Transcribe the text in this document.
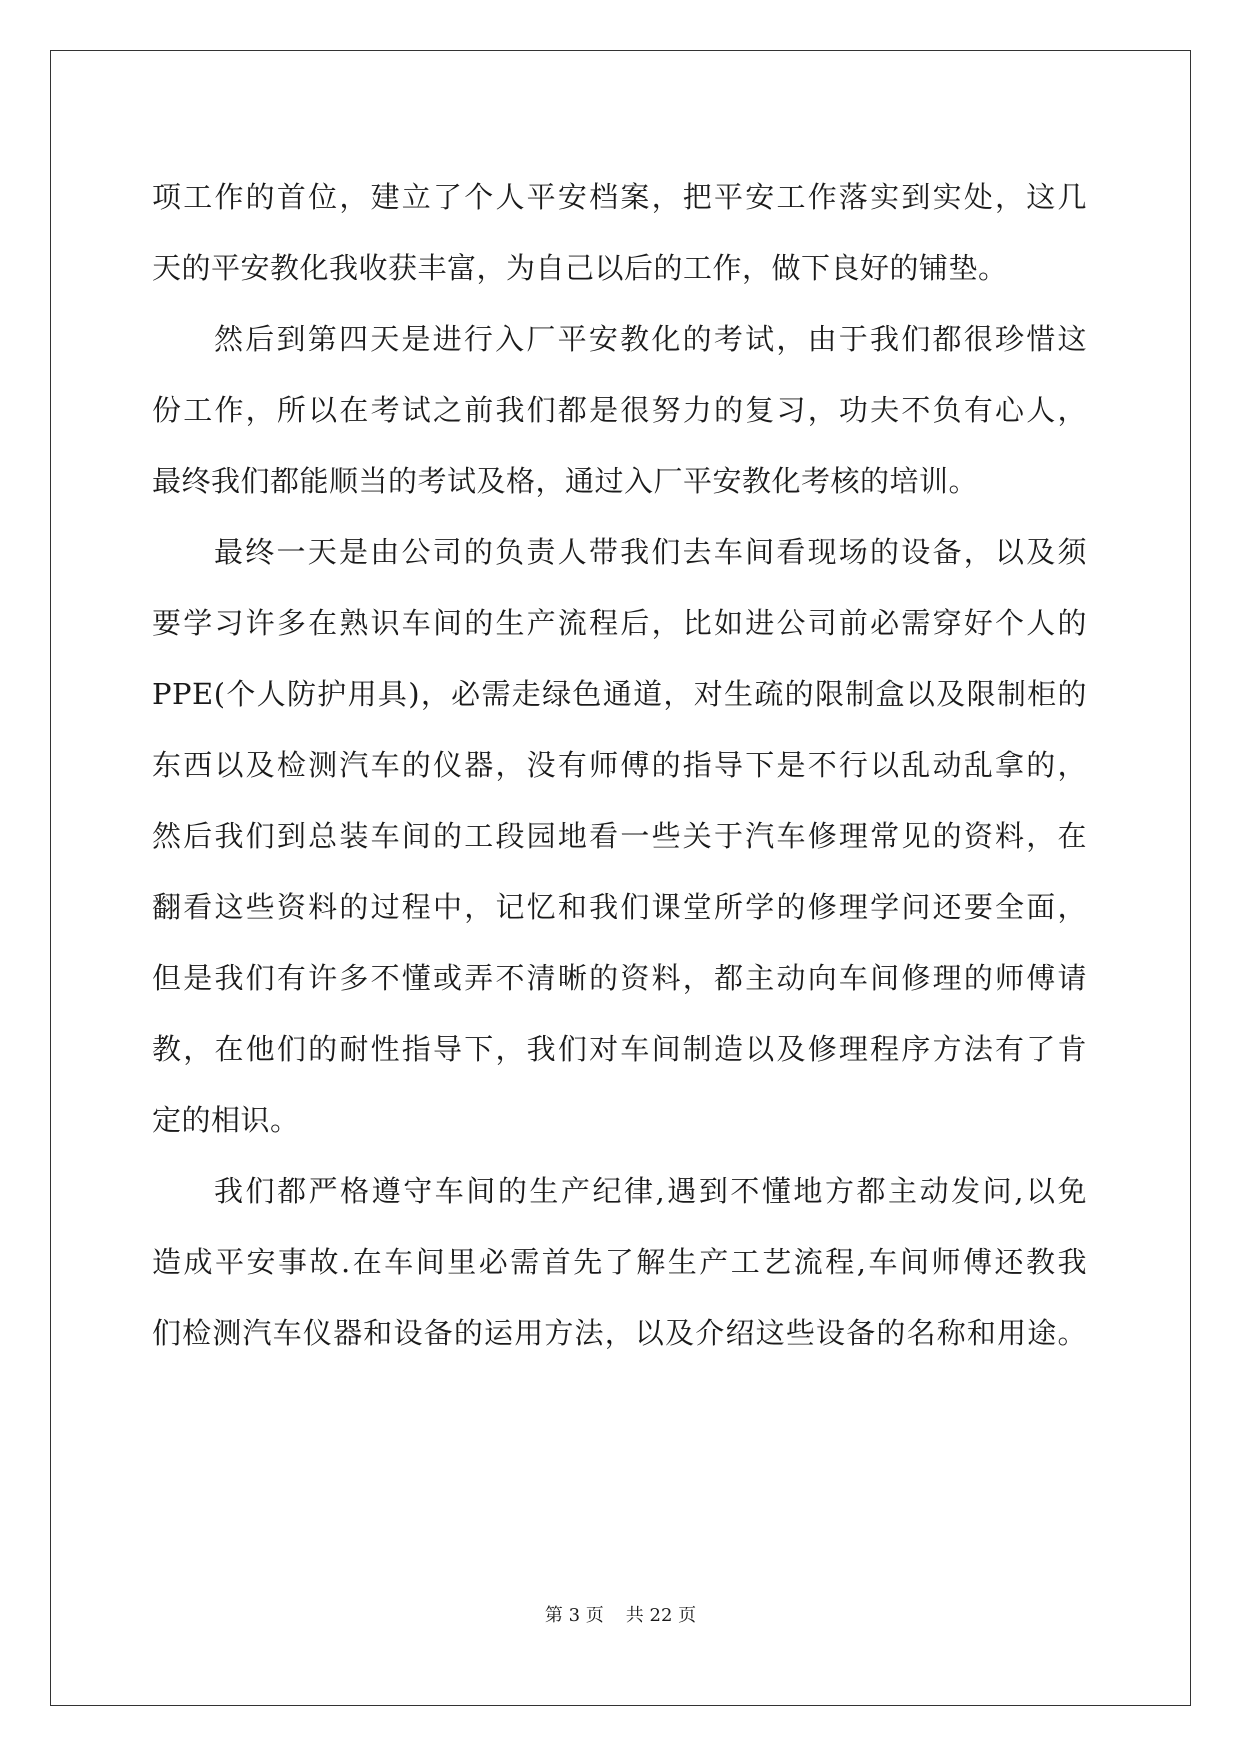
项工作的首位，建立了个人平安档案，把平安工作落实到实处，这几
天的平安教化我收获丰富，为自己以后的工作，做下良好的铺垫。
然后到第四天是进行入厂平安教化的考试，由于我们都很珍惜这
份工作，所以在考试之前我们都是很努力的复习，功夫不负有心人，
最终我们都能顺当的考试及格，通过入厂平安教化考核的培训。
最终一天是由公司的负责人带我们去车间看现场的设备，以及须
要学习许多在熟识车间的生产流程后，比如进公司前必需穿好个人的
PPE(个人防护用具)，必需走绿色通道，对生疏的限制盒以及限制柜的
东西以及检测汽车的仪器，没有师傅的指导下是不行以乱动乱拿的，
然后我们到总装车间的工段园地看一些关于汽车修理常见的资料，在
翻看这些资料的过程中，记忆和我们课堂所学的修理学问还要全面，
但是我们有许多不懂或弄不清晰的资料，都主动向车间修理的师傅请
教，在他们的耐性指导下，我们对车间制造以及修理程序方法有了肯
定的相识。
我们都严格遵守车间的生产纪律,遇到不懂地方都主动发问,以免
造成平安事故.在车间里必需首先了解生产工艺流程,车间师傅还教我
们检测汽车仪器和设备的运用方法，以及介绍这些设备的名称和用途。
第 3 页 共 22 页
